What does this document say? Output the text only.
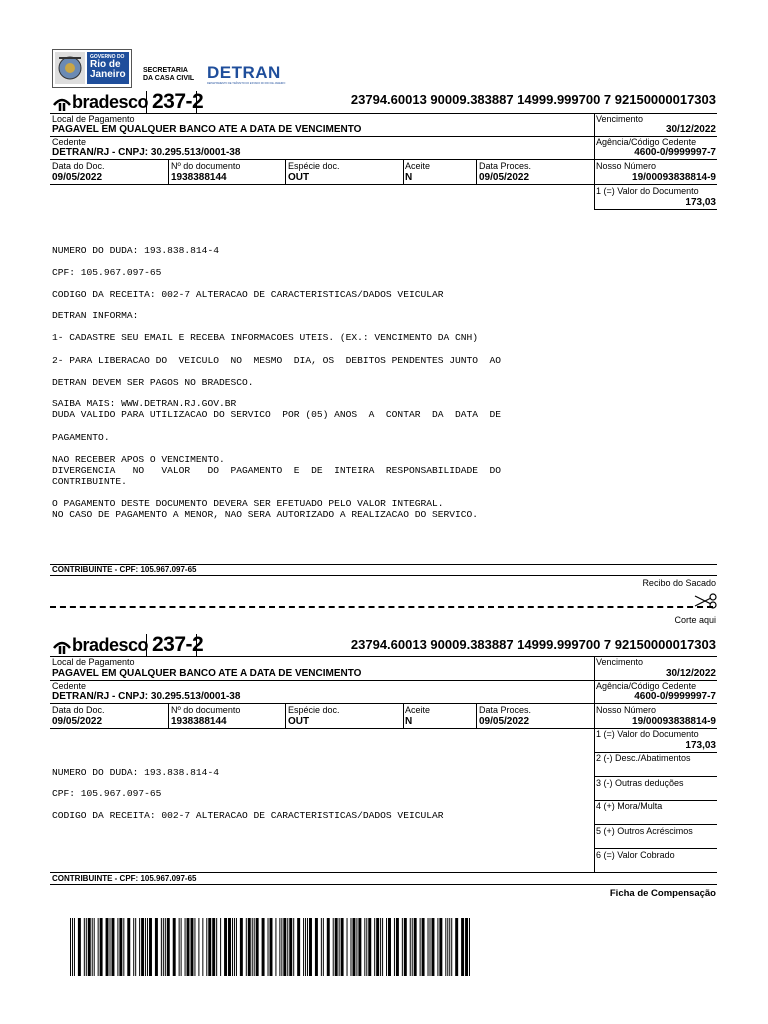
GOVERNO DO
Rio de
Janeiro SECRETARIA
DA CASA CIVIL DETRAN
DEPARTAMENTO DE TRÂNSITO DO ESTADO DO RIO DE JANEIRO
bradesco 237-2	23794.60013 90009.383887 14999.999700 7 92150000017303
Local de Pagamento
PAGAVEL EM QUALQUER BANCO ATE A DATA DE VENCIMENTO
Vencimento
30/12/2022
Cedente
DETRAN/RJ - CNPJ: 30.295.513/0001-38
Agência/Código Cedente
4600-0/9999997-7
Data do Doc.
09/05/2022
Nº do documento
1938388144
Espécie doc.
OUT
Aceite
N
Data Proces.
09/05/2022
Nosso Número
19/00093838814-9
1 (=) Valor do Documento
173,03
NUMERO DO DUDA: 193.838.814-4
CPF: 105.967.097-65
CODIGO DA RECEITA: 002-7 ALTERACAO DE CARACTERISTICAS/DADOS VEICULAR
DETRAN INFORMA:
1- CADASTRE SEU EMAIL E RECEBA INFORMACOES UTEIS. (EX.: VENCIMENTO DA CNH)
2- PARA LIBERACAO DO  VEICULO  NO  MESMO  DIA, OS  DEBITOS PENDENTES JUNTO  AO
DETRAN DEVEM SER PAGOS NO BRADESCO.
SAIBA MAIS: WWW.DETRAN.RJ.GOV.BR
DUDA VALIDO PARA UTILIZACAO DO SERVICO  POR (05) ANOS  A  CONTAR  DA  DATA  DE
PAGAMENTO.
NAO RECEBER APOS O VENCIMENTO.
DIVERGENCIA   NO   VALOR   DO  PAGAMENTO  E  DE  INTEIRA  RESPONSABILIDADE  DO
CONTRIBUINTE.
O PAGAMENTO DESTE DOCUMENTO DEVERA SER EFETUADO PELO VALOR INTEGRAL.
NO CASO DE PAGAMENTO A MENOR, NAO SERA AUTORIZADO A REALIZACAO DO SERVICO.
CONTRIBUINTE - CPF: 105.967.097-65
Recibo do Sacado
Corte aqui
bradesco 237-2	23794.60013 90009.383887 14999.999700 7 92150000017303
Local de Pagamento
PAGAVEL EM QUALQUER BANCO ATE A DATA DE VENCIMENTO
Vencimento
30/12/2022
Cedente
DETRAN/RJ - CNPJ: 30.295.513/0001-38
Agência/Código Cedente
4600-0/9999997-7
Data do Doc.
09/05/2022
Nº do documento
1938388144
Espécie doc.
OUT
Aceite
N
Data Proces.
09/05/2022
Nosso Número
19/00093838814-9
1 (=) Valor do Documento
173,03
2 (-) Desc./Abatimentos
3 (-) Outras deduções
4 (+) Mora/Multa
5 (+) Outros Acréscimos
6 (=) Valor Cobrado
NUMERO DO DUDA: 193.838.814-4
CPF: 105.967.097-65
CODIGO DA RECEITA: 002-7 ALTERACAO DE CARACTERISTICAS/DADOS VEICULAR
CONTRIBUINTE - CPF: 105.967.097-65
Ficha de Compensação
